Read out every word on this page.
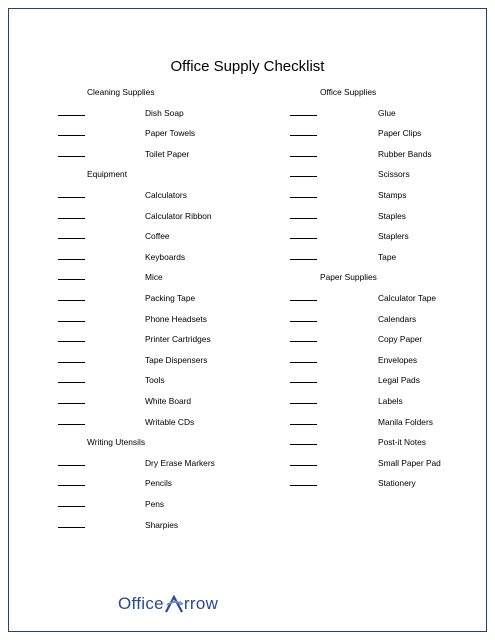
Office Supply Checklist
Cleaning Supplies
Dish Soap
Paper Towels
Toilet Paper
Equipment
Calculators
Calculator Ribbon
Coffee
Keyboards
Mice
Packing Tape
Phone Headsets
Printer Cartridges
Tape Dispensers
Tools
White Board
Writable CDs
Writing Utensils
Dry Erase Markers
Pencils
Pens
Sharpies
Office Supplies
Glue
Paper Clips
Rubber Bands
Scissors
Stamps
Staples
Staplers
Tape
Paper Supplies
Calculator Tape
Calendars
Copy Paper
Envelopes
Legal Pads
Labels
Manila Folders
Post-it Notes
Small Paper Pad
Stationery
Office rrow
